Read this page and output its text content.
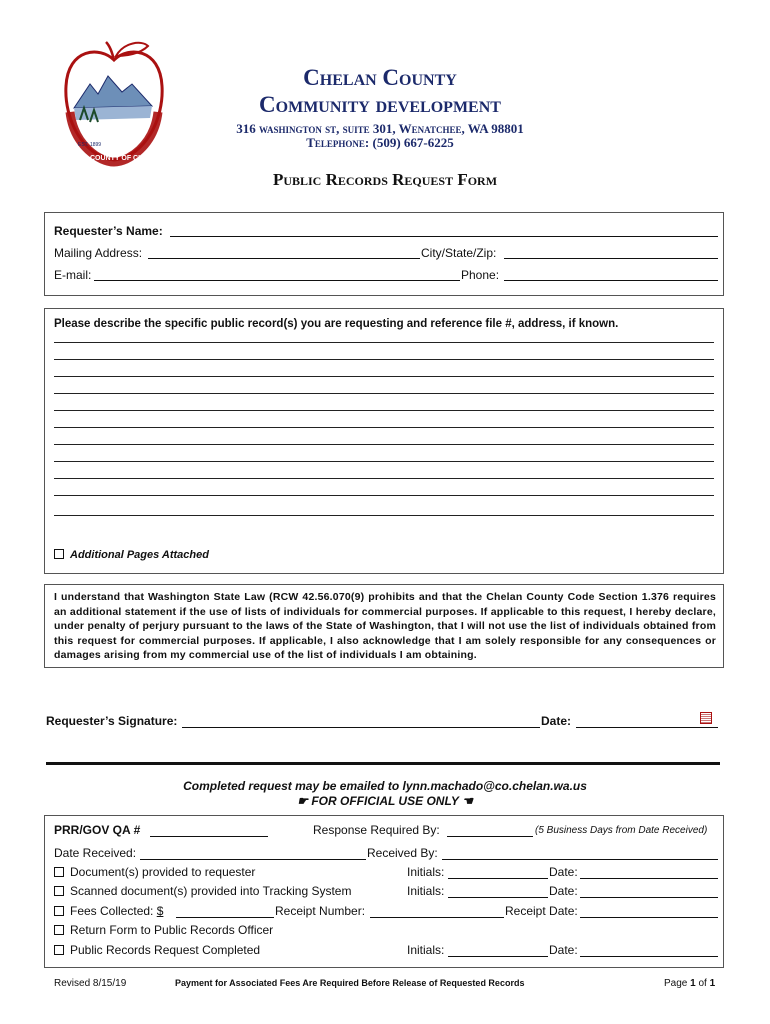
EST. 1899
COUNTY OF CHELAN
Chelan County
Community development
316 washington st, suite 301, Wenatchee, WA 98801
Telephone: (509) 667-6225
Public Records Request Form
Requester’s Name:
Mailing Address:	City/State/Zip:
E-mail:	Phone:
Please describe the specific public record(s) you are requesting and reference file #, address, if known.
Additional Pages Attached
I understand that Washington State Law (RCW 42.56.070(9) prohibits and that the Chelan County Code Section 1.376 requires an additional statement if the use of lists of individuals for commercial purposes. If applicable to this request, I hereby declare, under penalty of perjury pursuant to the laws of the State of Washington, that I will not use the list of individuals obtained from this request for commercial purposes. If applicable, I also acknowledge that I am solely responsible for any consequences or damages arising from my commercial use of the list of individuals I am obtaining.
Requester’s Signature:	Date:
Completed request may be emailed to lynn.machado@co.chelan.wa.us
☛ FOR OFFICIAL USE ONLY ☚
PRR/GOV QA #	Response Required By:	(5 Business Days from Date Received)
Date Received:	Received By:
Document(s) provided to requester	Initials:	Date:
Scanned document(s) provided into Tracking System	Initials:	Date:
Fees Collected: $	Receipt Number:	Receipt Date:
Return Form to Public Records Officer
Public Records Request Completed	Initials:	Date:
Revised 8/15/19	Payment for Associated Fees Are Required Before Release of Requested Records	Page 1 of 1
